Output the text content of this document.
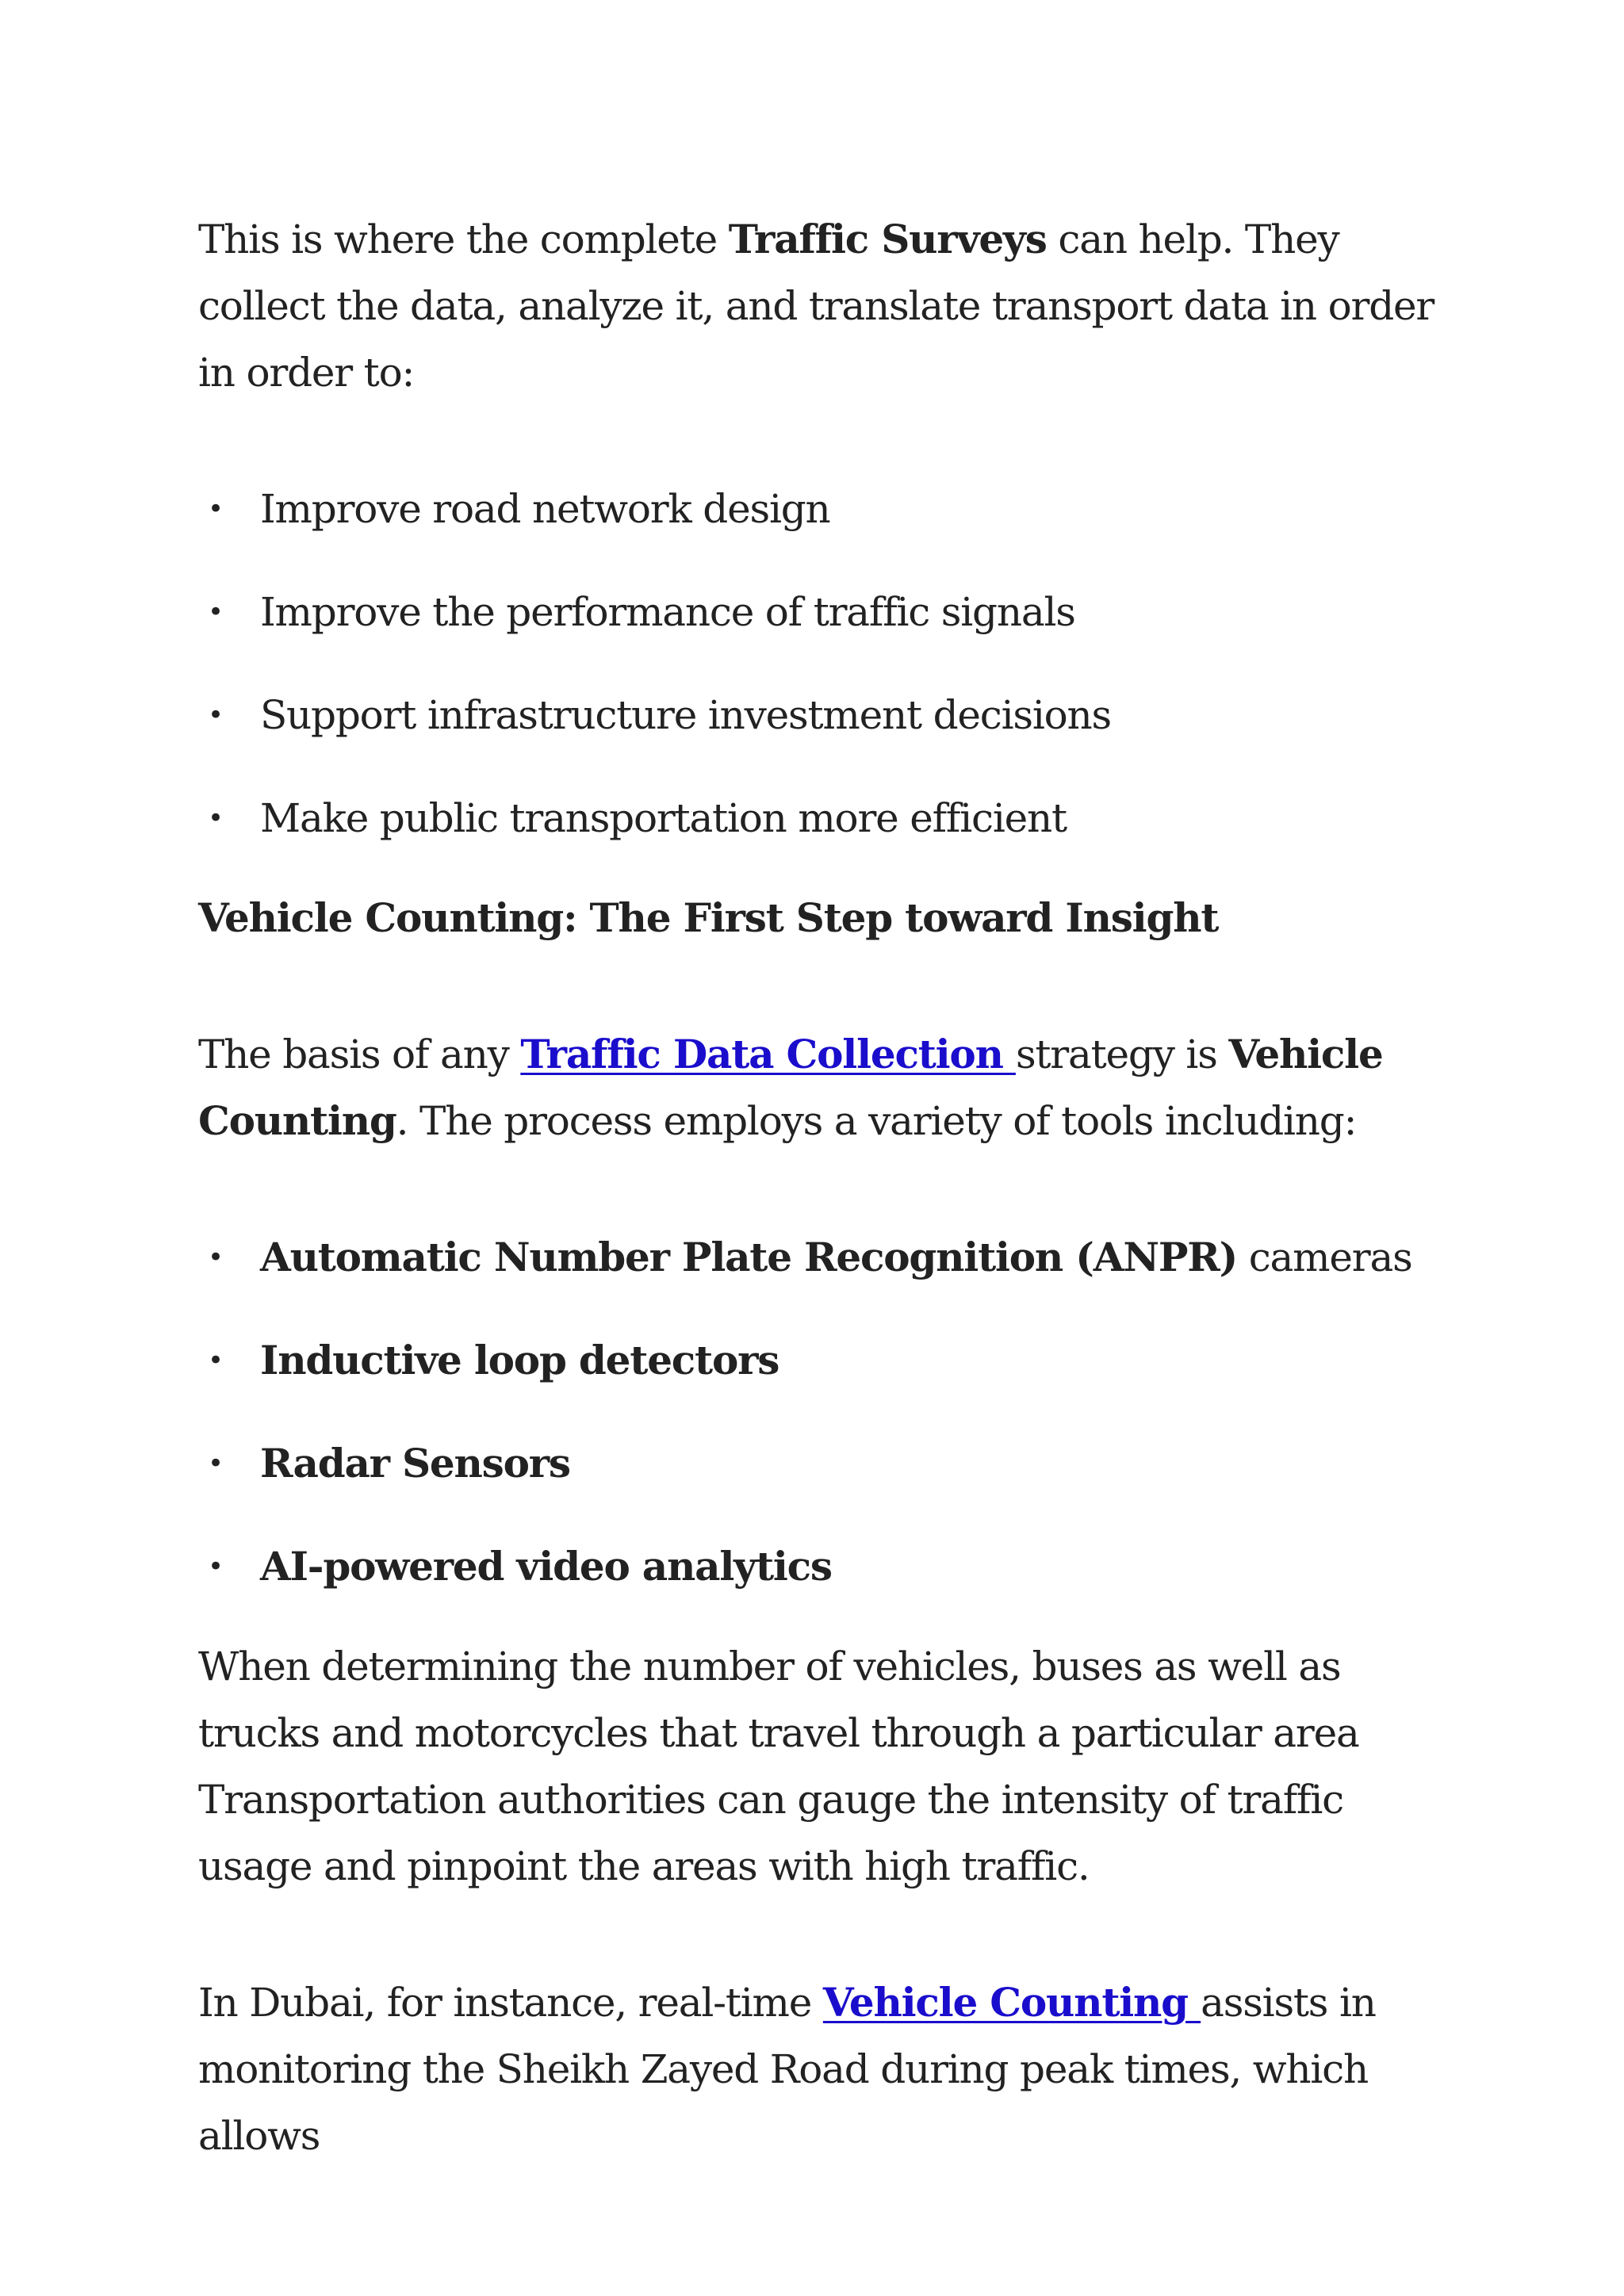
This is where the complete Traffic Surveys can help. They collect the data, analyze it, and translate transport data in order in order to:

• Improve road network design
• Improve the performance of traffic signals
• Support infrastructure investment decisions
• Make public transportation more efficient
Vehicle Counting: The First Step toward Insight

The basis of any Traffic Data Collection strategy is Vehicle Counting. The process employs a variety of tools including:

• Automatic Number Plate Recognition (ANPR) cameras
• Inductive loop detectors
• Radar Sensors
• AI-powered video analytics

When determining the number of vehicles, buses as well as trucks and motorcycles that travel through a particular area Transportation authorities can gauge the intensity of traffic usage and pinpoint the areas with high traffic.

In Dubai, for instance, real-time Vehicle Counting assists in monitoring the Sheikh Zayed Road during peak times, which allows
